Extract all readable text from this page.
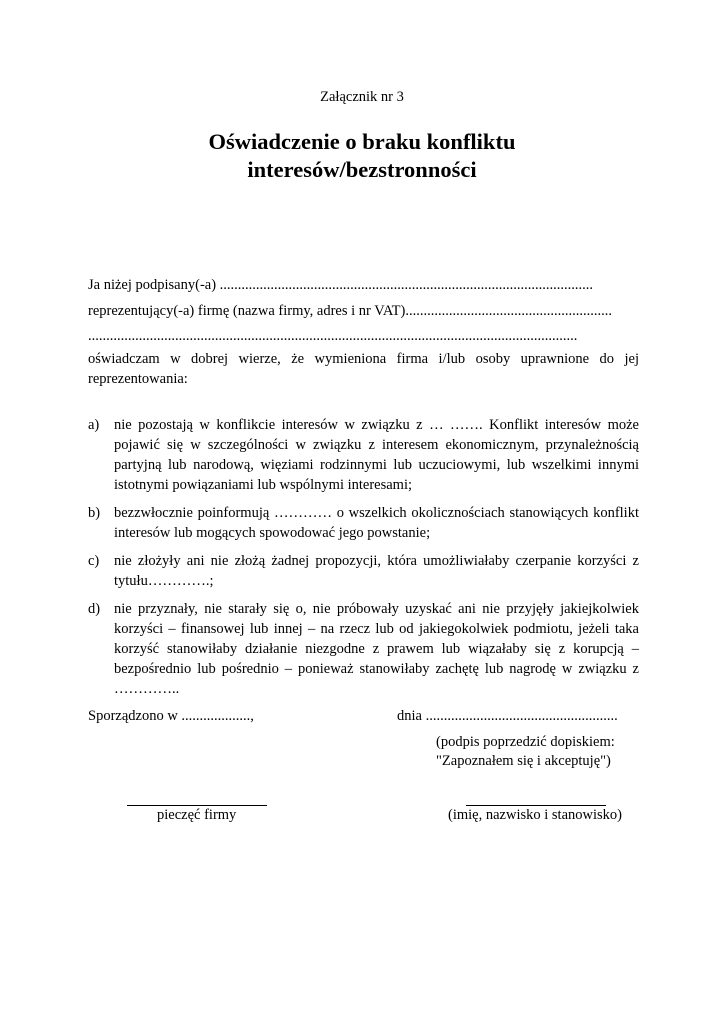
Załącznik nr 3
Oświadczenie o braku konfliktu
interesów/bezstronności
Ja niżej podpisany(-a) .......................................................................................................
reprezentujący(-a) firmę (nazwa firmy, adres i nr VAT).........................................................
.......................................................................................................................................
oświadczam w dobrej wierze, że wymieniona firma i/lub osoby uprawnione do jej reprezentowania:
a) nie pozostają w konflikcie interesów w związku z … ……. Konflikt interesów może pojawić się w szczególności w związku z interesem ekonomicznym, przynależnością partyjną lub narodową, więziami rodzinnymi lub uczuciowymi, lub wszelkimi innymi istotnymi powiązaniami lub wspólnymi interesami;
b) bezzwłocznie poinformują ………… o wszelkich okolicznościach stanowiących konflikt interesów lub mogących spowodować jego powstanie;
c) nie złożyły ani nie złożą żadnej propozycji, która umożliwiałaby czerpanie korzyści z tytułu………….;
d) nie przyznały, nie starały się o, nie próbowały uzyskać ani nie przyjęły jakiejkolwiek korzyści – finansowej lub innej – na rzecz lub od jakiegokolwiek podmiotu, jeżeli taka korzyść stanowiłaby działanie niezgodne z prawem lub wiązałaby się z korupcją – bezpośrednio lub pośrednio – ponieważ stanowiłaby zachętę lub nagrodę w związku z …………..
Sporządzono w ...................,	dnia .....................................................
(podpis poprzedzić dopiskiem:
"Zapoznałem się i akceptuję")
pieczęć firmy	(imię, nazwisko i stanowisko)
